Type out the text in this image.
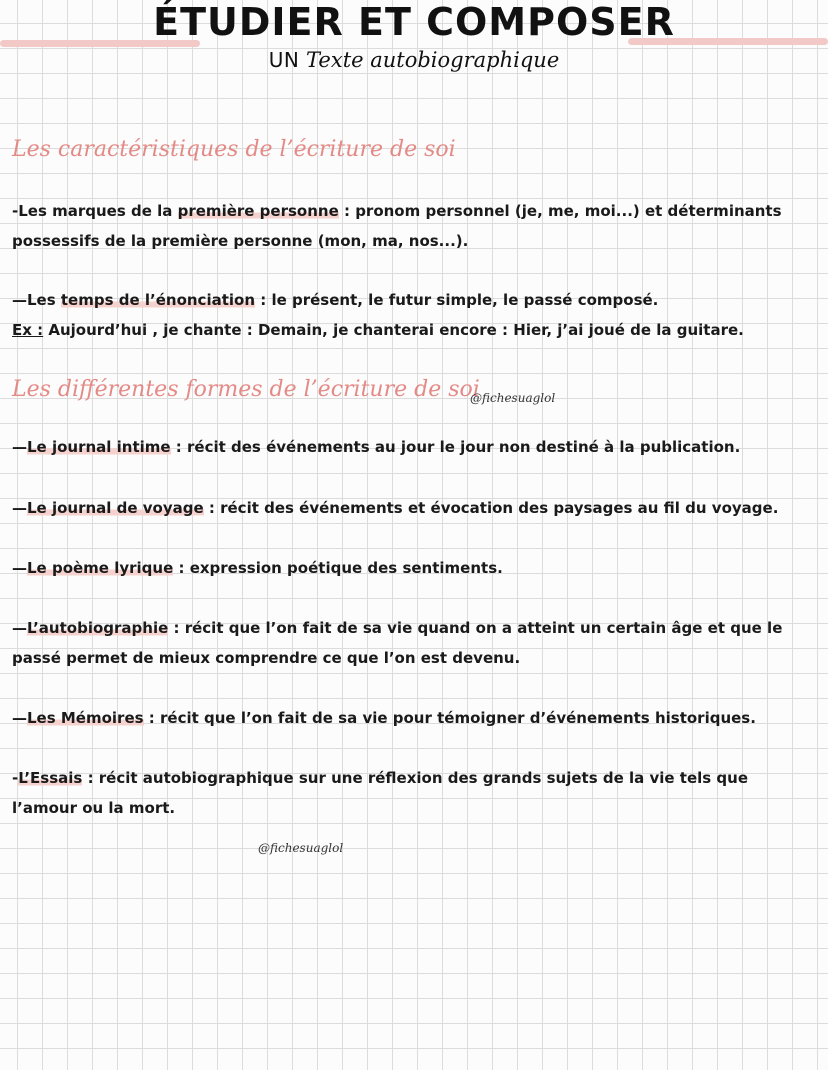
ÉTUDIER ET COMPOSER
UN Texte autobiographique
Les caractéristiques de l’écriture de soi
-Les marques de la première personne : pronom personnel (je, me, moi...) et déterminants
possessifs de la première personne (mon, ma, nos...).
—Les temps de l’énonciation : le présent, le futur simple, le passé composé.
Ex : Aujourd’hui , je chante : Demain, je chanterai encore : Hier, j’ai joué de la guitare.
Les différentes formes de l’écriture de soi
@fichesuaglol
—Le journal intime : récit des événements au jour le jour non destiné à la publication.
—Le journal de voyage : récit des événements et évocation des paysages au fil du voyage.
—Le poème lyrique : expression poétique des sentiments.
—L’autobiographie : récit que l’on fait de sa vie quand on a atteint un certain âge et que le
passé permet de mieux comprendre ce que l’on est devenu.
—Les Mémoires : récit que l’on fait de sa vie pour témoigner d’événements historiques.
-L’Essais : récit autobiographique sur une réflexion des grands sujets de la vie tels que
l’amour ou la mort.
@fichesuaglol
